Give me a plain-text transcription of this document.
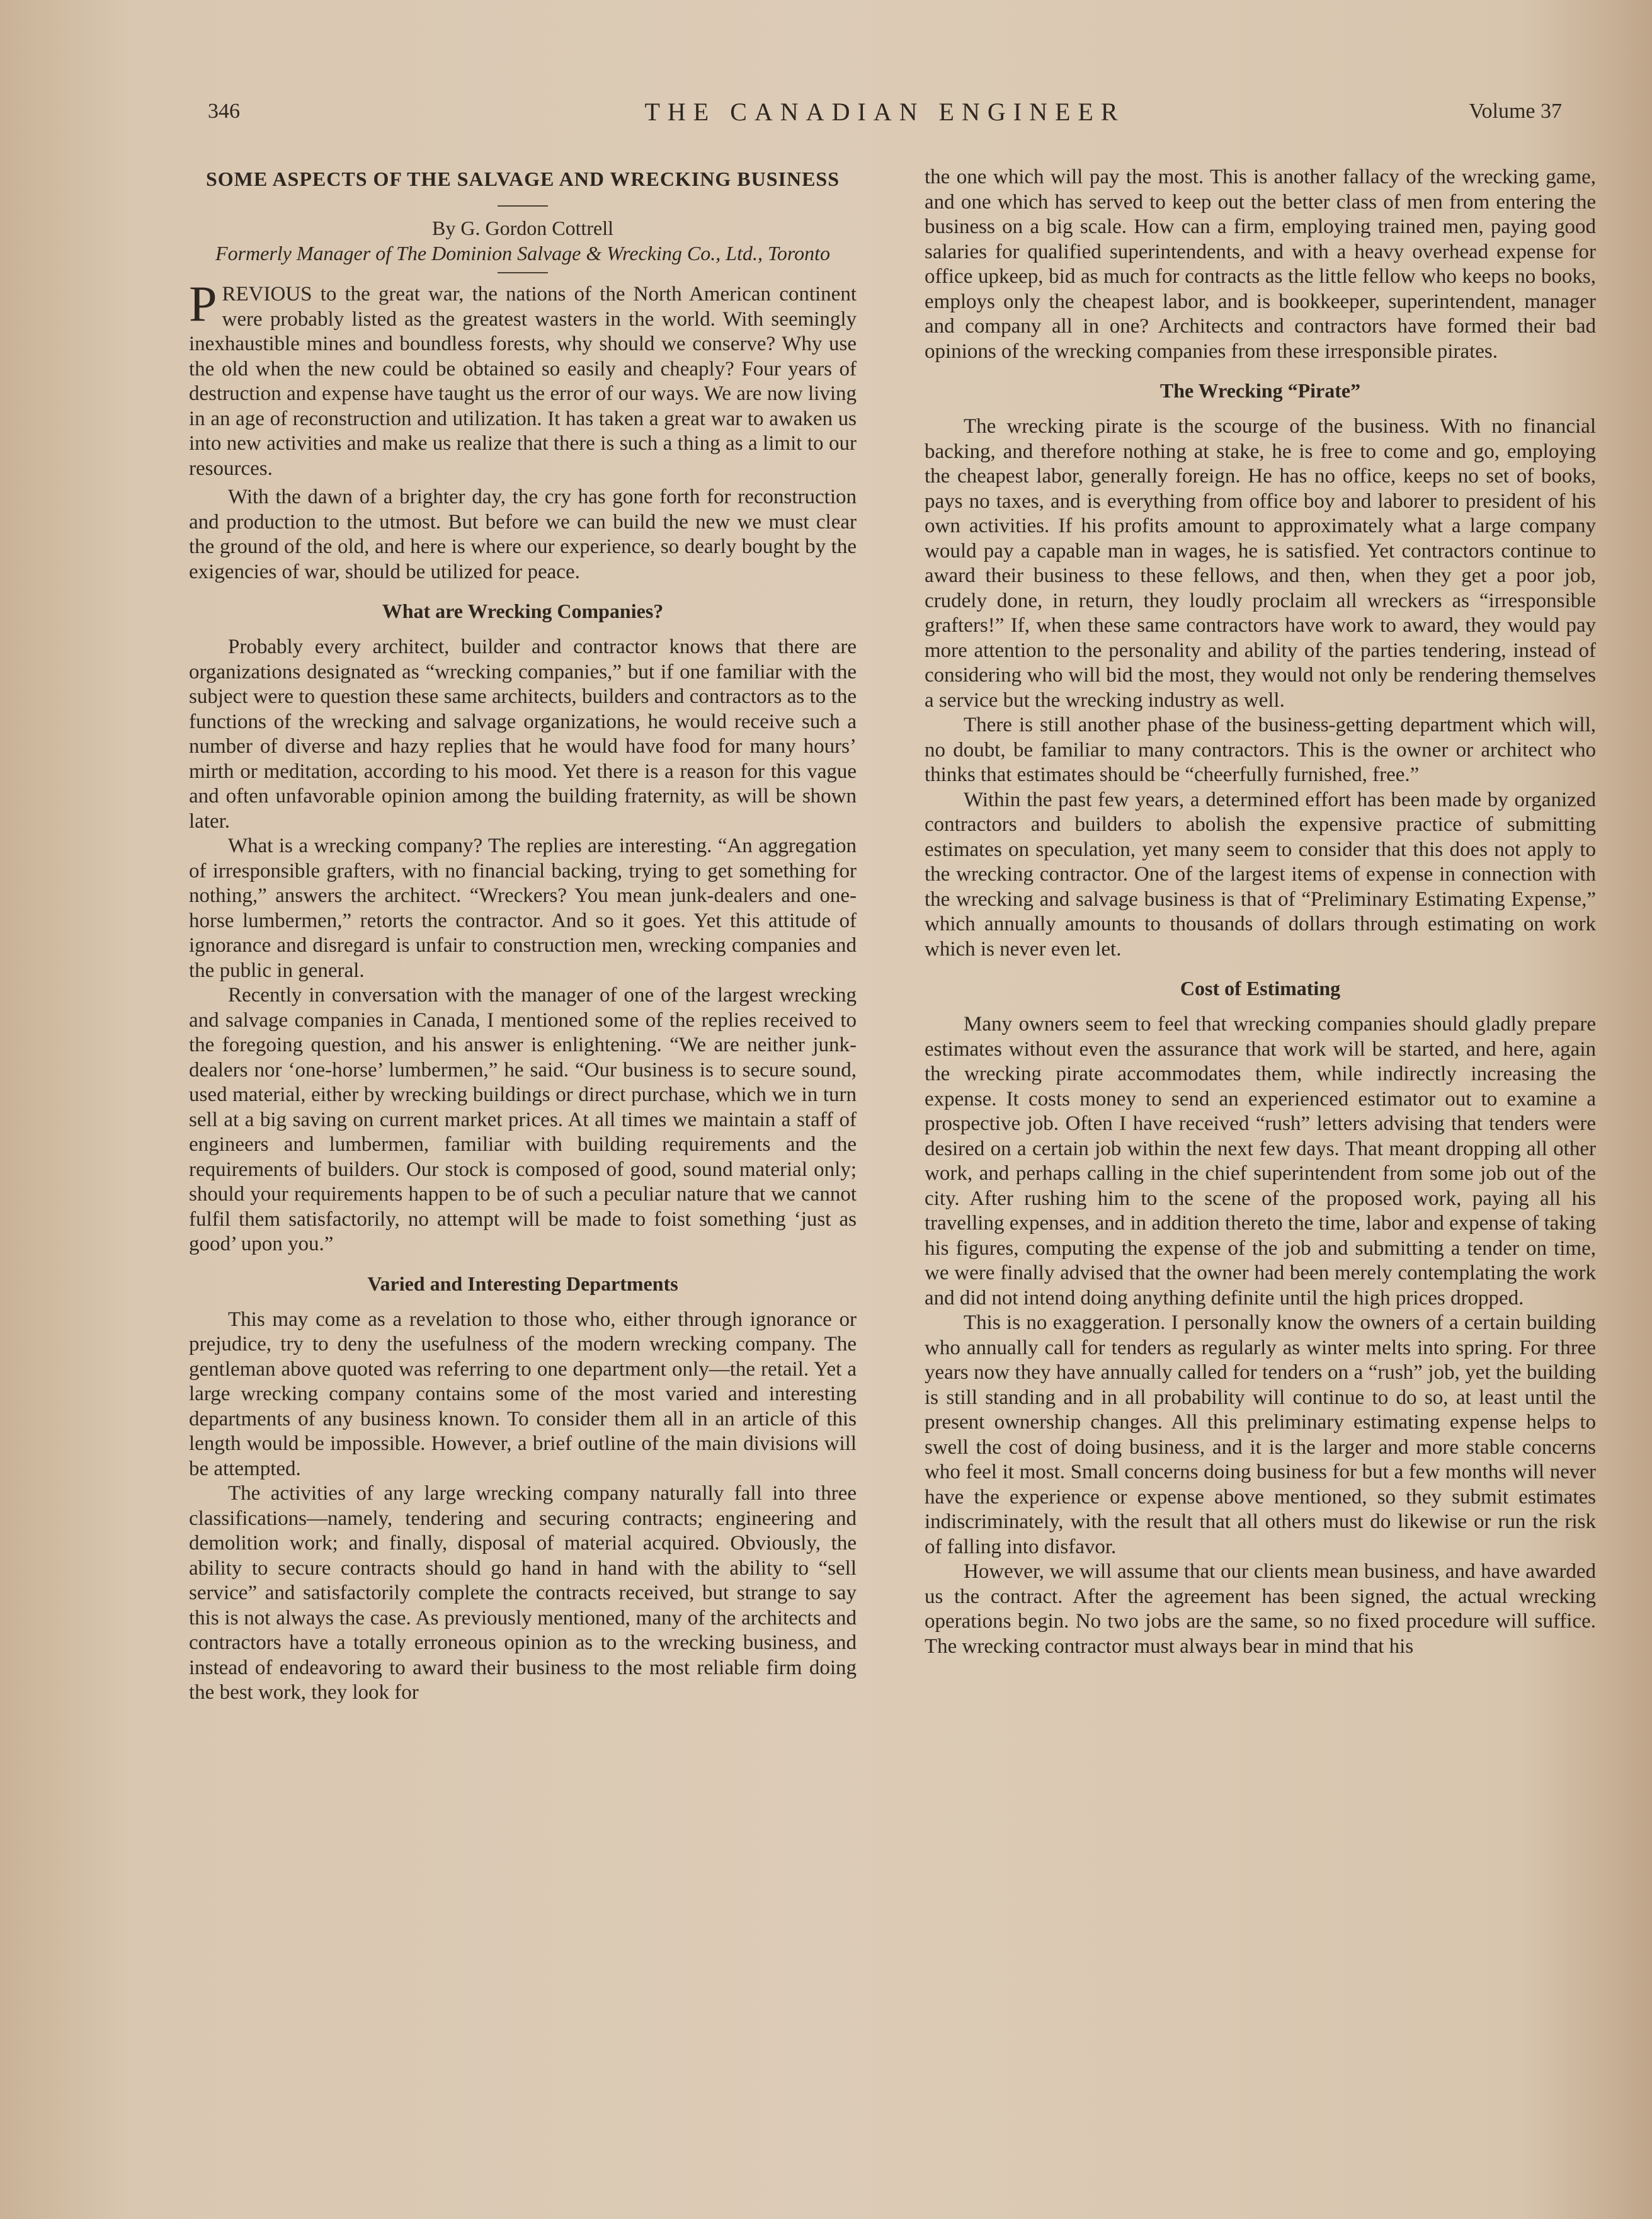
346	THE CANADIAN ENGINEER	Volume 37
SOME ASPECTS OF THE SALVAGE AND WRECKING BUSINESS
By G. Gordon Cottrell
Formerly Manager of The Dominion Salvage & Wrecking Co., Ltd., Toronto

PREVIOUS to the great war, the nations of the North American continent were probably listed as the greatest wasters in the world. With seemingly inexhaustible mines and boundless forests, why should we conserve? Why use the old when the new could be obtained so easily and cheaply? Four years of destruction and expense have taught us the error of our ways. We are now living in an age of reconstruction and utilization. It has taken a great war to awaken us into new activities and make us realize that there is such a thing as a limit to our resources.

With the dawn of a brighter day, the cry has gone forth for reconstruction and production to the utmost. But before we can build the new we must clear the ground of the old, and here is where our experience, so dearly bought by the exigencies of war, should be utilized for peace.

What are Wrecking Companies?

Probably every architect, builder and contractor knows that there are organizations designated as “wrecking companies,” but if one familiar with the subject were to question these same architects, builders and contractors as to the functions of the wrecking and salvage organizations, he would receive such a number of diverse and hazy replies that he would have food for many hours’ mirth or meditation, according to his mood. Yet there is a reason for this vague and often unfavorable opinion among the building fraternity, as will be shown later.

What is a wrecking company? The replies are interesting. “An aggregation of irresponsible grafters, with no financial backing, trying to get something for nothing,” answers the architect. “Wreckers? You mean junk-dealers and one-horse lumbermen,” retorts the contractor. And so it goes. Yet this attitude of ignorance and disregard is unfair to construction men, wrecking companies and the public in general.

Recently in conversation with the manager of one of the largest wrecking and salvage companies in Canada, I mentioned some of the replies received to the foregoing question, and his answer is enlightening. “We are neither junk-dealers nor ‘one-horse’ lumbermen,” he said. “Our business is to secure sound, used material, either by wrecking buildings or direct purchase, which we in turn sell at a big saving on current market prices. At all times we maintain a staff of engineers and lumbermen, familiar with building requirements and the requirements of builders. Our stock is composed of good, sound material only; should your requirements happen to be of such a peculiar nature that we cannot fulfil them satisfactorily, no attempt will be made to foist something ‘just as good’ upon you.”

Varied and Interesting Departments

This may come as a revelation to those who, either through ignorance or prejudice, try to deny the usefulness of the modern wrecking company. The gentleman above quoted was referring to one department only—the retail. Yet a large wrecking company contains some of the most varied and interesting departments of any business known. To consider them all in an article of this length would be impossible. However, a brief outline of the main divisions will be attempted.

The activities of any large wrecking company naturally fall into three classifications—namely, tendering and securing contracts; engineering and demolition work; and finally, disposal of material acquired. Obviously, the ability to secure contracts should go hand in hand with the ability to “sell service” and satisfactorily complete the contracts received, but strange to say this is not always the case. As previously mentioned, many of the architects and contractors have a totally erroneous opinion as to the wrecking business, and instead of endeavoring to award their business to the most reliable firm doing the best work, they look for

the one which will pay the most. This is another fallacy of the wrecking game, and one which has served to keep out the better class of men from entering the business on a big scale. How can a firm, employing trained men, paying good salaries for qualified superintendents, and with a heavy overhead expense for office upkeep, bid as much for contracts as the little fellow who keeps no books, employs only the cheapest labor, and is bookkeeper, superintendent, manager and company all in one? Architects and contractors have formed their bad opinions of the wrecking companies from these irresponsible pirates.

The Wrecking “Pirate”

The wrecking pirate is the scourge of the business. With no financial backing, and therefore nothing at stake, he is free to come and go, employing the cheapest labor, generally foreign. He has no office, keeps no set of books, pays no taxes, and is everything from office boy and laborer to president of his own activities. If his profits amount to approximately what a large company would pay a capable man in wages, he is satisfied. Yet contractors continue to award their business to these fellows, and then, when they get a poor job, crudely done, in return, they loudly proclaim all wreckers as “irresponsible grafters!” If, when these same contractors have work to award, they would pay more attention to the personality and ability of the parties tendering, instead of considering who will bid the most, they would not only be rendering themselves a service but the wrecking industry as well.

There is still another phase of the business-getting department which will, no doubt, be familiar to many contractors. This is the owner or architect who thinks that estimates should be “cheerfully furnished, free.”

Within the past few years, a determined effort has been made by organized contractors and builders to abolish the expensive practice of submitting estimates on speculation, yet many seem to consider that this does not apply to the wrecking contractor. One of the largest items of expense in connection with the wrecking and salvage business is that of “Preliminary Estimating Expense,” which annually amounts to thousands of dollars through estimating on work which is never even let.

Cost of Estimating

Many owners seem to feel that wrecking companies should gladly prepare estimates without even the assurance that work will be started, and here, again the wrecking pirate accommodates them, while indirectly increasing the expense. It costs money to send an experienced estimator out to examine a prospective job. Often I have received “rush” letters advising that tenders were desired on a certain job within the next few days. That meant dropping all other work, and perhaps calling in the chief superintendent from some job out of the city. After rushing him to the scene of the proposed work, paying all his travelling expenses, and in addition thereto the time, labor and expense of taking his figures, computing the expense of the job and submitting a tender on time, we were finally advised that the owner had been merely contemplating the work and did not intend doing anything definite until the high prices dropped.

This is no exaggeration. I personally know the owners of a certain building who annually call for tenders as regularly as winter melts into spring. For three years now they have annually called for tenders on a “rush” job, yet the building is still standing and in all probability will continue to do so, at least until the present ownership changes. All this preliminary estimating expense helps to swell the cost of doing business, and it is the larger and more stable concerns who feel it most. Small concerns doing business for but a few months will never have the experience or expense above mentioned, so they submit estimates indiscriminately, with the result that all others must do likewise or run the risk of falling into disfavor.

However, we will assume that our clients mean business, and have awarded us the contract. After the agreement has been signed, the actual wrecking operations begin. No two jobs are the same, so no fixed procedure will suffice. The wrecking contractor must always bear in mind that his
